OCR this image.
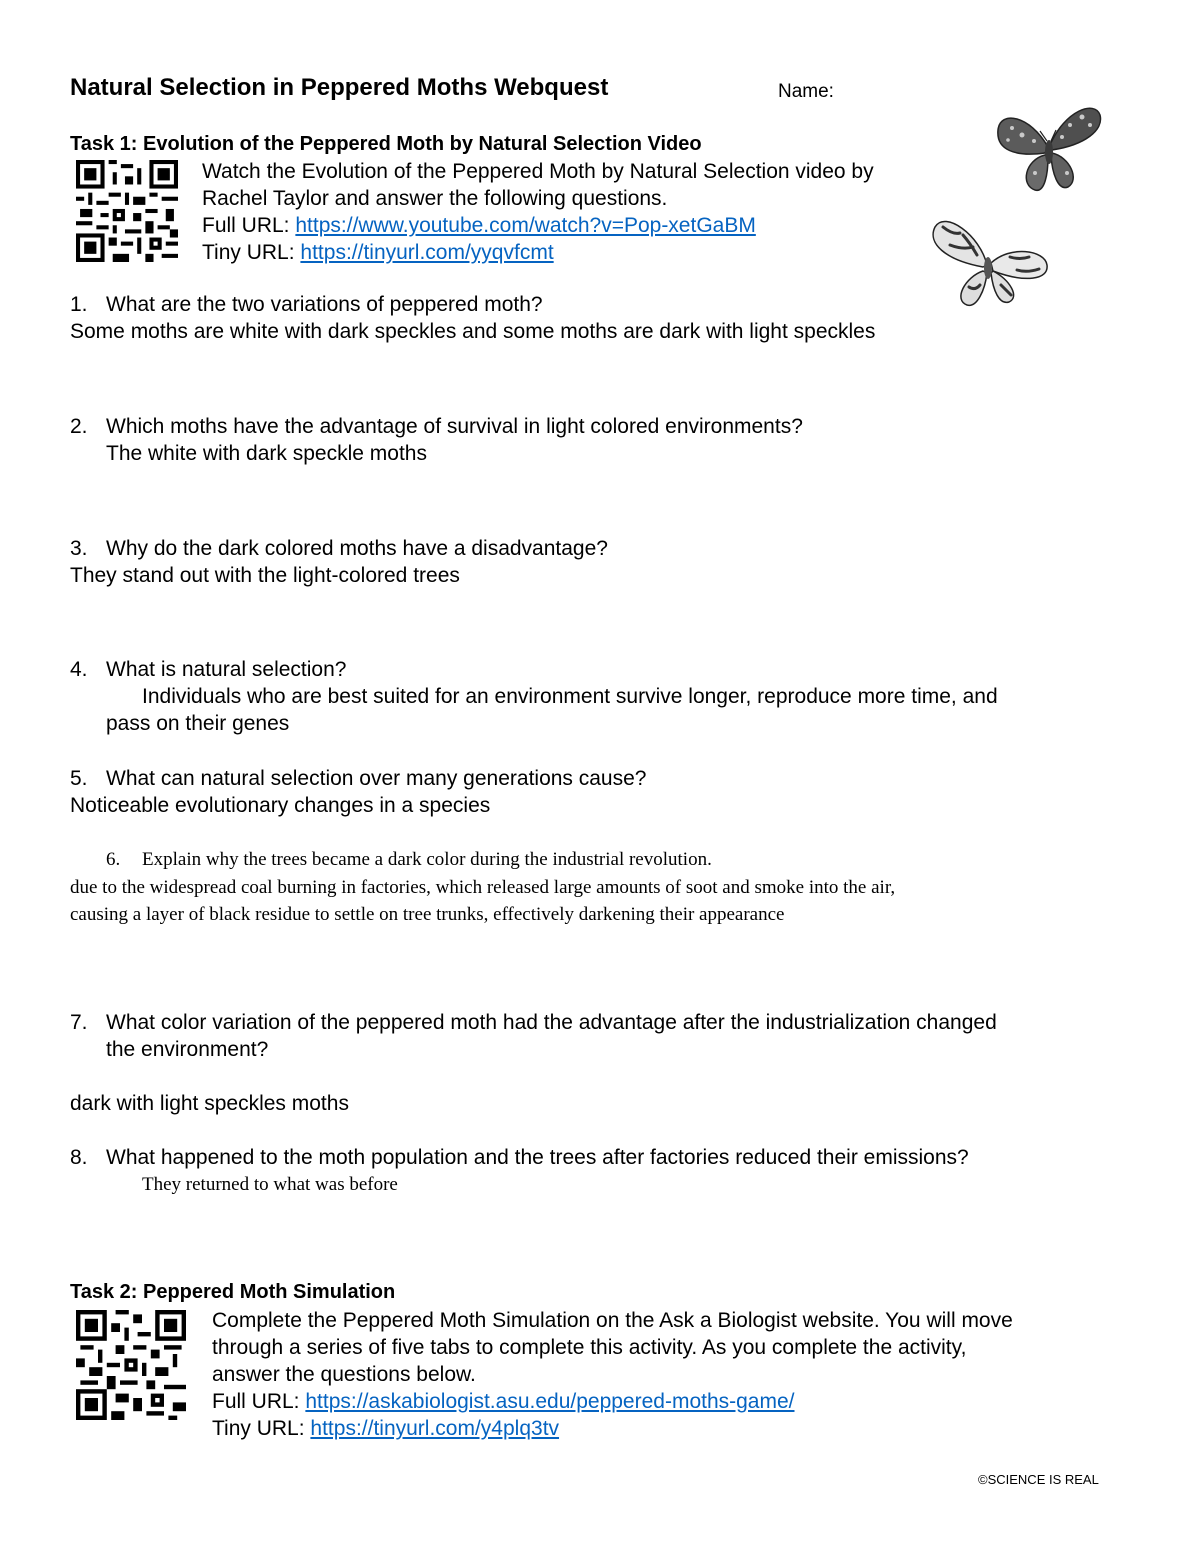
Natural Selection in Peppered Moths Webquest	Name:
Task 1: Evolution of the Peppered Moth by Natural Selection Video
Watch the Evolution of the Peppered Moth by Natural Selection video by
Rachel Taylor and answer the following questions.
Full URL: https://www.youtube.com/watch?v=Pop-xetGaBM
Tiny URL: https://tinyurl.com/yyqvfcmt
1. What are the two variations of peppered moth?
Some moths are white with dark speckles and some moths are dark with light speckles
2. Which moths have the advantage of survival in light colored environments?
The white with dark speckle moths
3. Why do the dark colored moths have a disadvantage?
They stand out with the light-colored trees
4. What is natural selection?
Individuals who are best suited for an environment survive longer, reproduce more time, and
pass on their genes
5. What can natural selection over many generations cause?
Noticeable evolutionary changes in a species
6. Explain why the trees became a dark color during the industrial revolution.
due to the widespread coal burning in factories, which released large amounts of soot and smoke into the air,
causing a layer of black residue to settle on tree trunks, effectively darkening their appearance
7. What color variation of the peppered moth had the advantage after the industrialization changed
the environment?
dark with light speckles moths
8. What happened to the moth population and the trees after factories reduced their emissions?
They returned to what was before
Task 2: Peppered Moth Simulation
Complete the Peppered Moth Simulation on the Ask a Biologist website. You will move
through a series of five tabs to complete this activity. As you complete the activity,
answer the questions below.
Full URL: https://askabiologist.asu.edu/peppered-moths-game/
Tiny URL: https://tinyurl.com/y4plq3tv
©SCIENCE IS REAL
